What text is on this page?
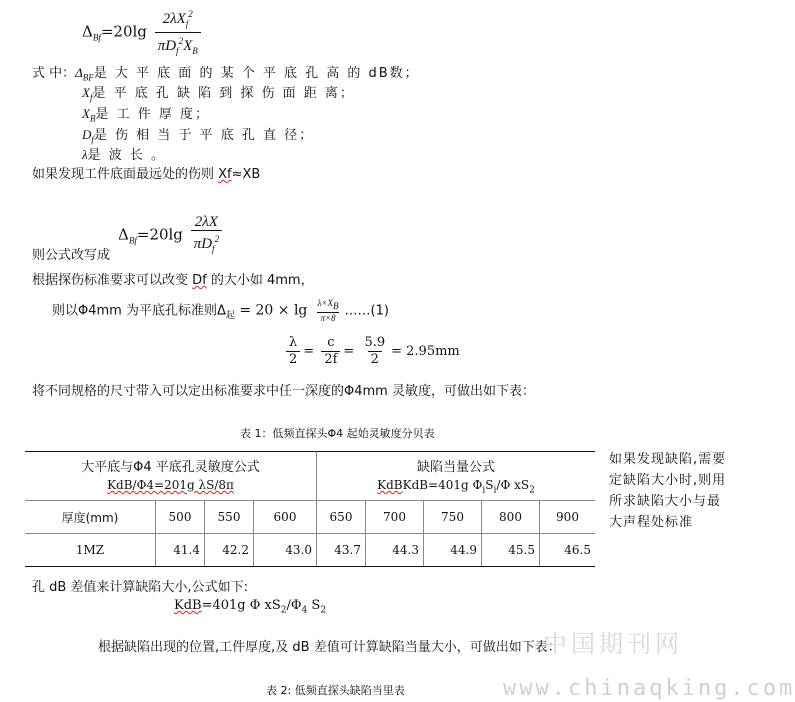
$\Delta_{Bf}=20\lg \frac{2\lambda X_f^2}{\pi D_f^2X_B}$
式 中：$\Delta_{BF}$是 大 平 底 面 的 某 个 平 底 孔 高 的 dB数；
$X_f$是 平 底 孔 缺 陷 到 探 伤 面 距 离；
$X_B$是 工 件 厚 度；
$D_f$是 伤 相 当 于 平 底 孔 直 径；
λ是 波 长 。
如果发现工件底面最远处的伤则 Xf≈XB
$\Delta_{Bf}=20\lg \frac{2\lambda X}{\pi D_f^2}$
则公式改写成
根据探伤标准要求可以改变 Df 的大小如 4mm，
则以Φ4mm 为平底孔标准则$\Delta_起 = 20 \times \lg \frac{\lambda\times X_B}{\pi\times 8}$ ……(1)
$\frac{\lambda}{2} = \frac{c}{2f} = \frac{5.9}{2} = 2.95mm$
将不同规格的尺寸带入可以定出标准要求中任一深度的Φ4mm 灵敏度，可做出如下表：
表 1：低频直探头Φ4 起始灵敏度分贝表
大平底与Φ4 平底孔灵敏度公式				缺陷当量公式				
KdB/Φ4=201g λS/8π				KdBKdB=401g $\Phi_iS_i/\Phi$ $xS_2$
厚度(mm)	500	550	600	650	700	750	800	900
1MZ	41.4	42.2	43.0	43.7	44.3	44.9	45.5	46.5
如果发现缺陷,需要定缺陷大小时,则用所求缺陷大小与最大声程处标准
孔 dB 差值来计算缺陷大小,公式如下:
KdB=401g Φ $xS_2/\Phi_4$ $S_2$
根据缺陷出现的位置,工件厚度,及 dB 差值可计算缺陷当量大小，可做出如下表：
中国期刊网
www.chinaqking.com
表 2: 低频直探头缺陷当里表
